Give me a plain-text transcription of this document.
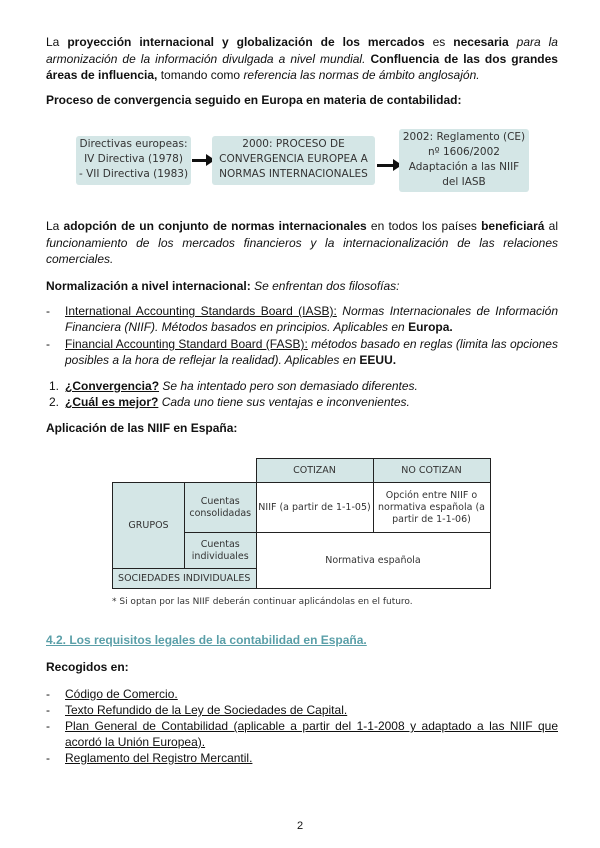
La proyección internacional y globalización de los mercados es necesaria para la armonización de la información divulgada a nivel mundial. Confluencia de las dos grandes áreas de influencia, tomando como referencia las normas de ámbito anglosajón.
Proceso de convergencia seguido en Europa en materia de contabilidad:
Directivas europeas:
IV Directiva (1978)
- VII Directiva (1983)
2000: PROCESO DE
CONVERGENCIA EUROPEA A
NORMAS INTERNACIONALES
2002: Reglamento (CE)
nº 1606/2002
Adaptación a las NIIF
del IASB
La adopción de un conjunto de normas internacionales en todos los países beneficiará al funcionamiento de los mercados financieros y la internacionalización de las relaciones comerciales.
Normalización a nivel internacional: Se enfrentan dos filosofías:
-	International Accounting Standards Board (IASB): Normas Internacionales de Información Financiera (NIIF). Métodos basados en principios. Aplicables en Europa.
-	Financial Accounting Standard Board (FASB): métodos basado en reglas (limita las opciones posibles a la hora de reflejar la realidad). Aplicables en EEUU.
1. ¿Convergencia? Se ha intentado pero son demasiado diferentes.
2. ¿Cuál es mejor? Cada uno tiene sus ventajas e inconvenientes.
Aplicación de las NIIF en España:
		COTIZAN	NO COTIZAN
GRUPOS	Cuentas consolidadas	NIIF (a partir de 1-1-05)	Opción entre NIIF o normativa española (a partir de 1-1-06)
	Cuentas individuales	Normativa española	
SOCIEDADES INDIVIDUALES			
* Si optan por las NIIF deberán continuar aplicándolas en el futuro.
4.2. Los requisitos legales de la contabilidad en España.
Recogidos en:
-	Código de Comercio.
-	Texto Refundido de la Ley de Sociedades de Capital.
-	Plan General de Contabilidad (aplicable a partir del 1-1-2008 y adaptado a las NIIF que acordó la Unión Europea).
-	Reglamento del Registro Mercantil.
2
